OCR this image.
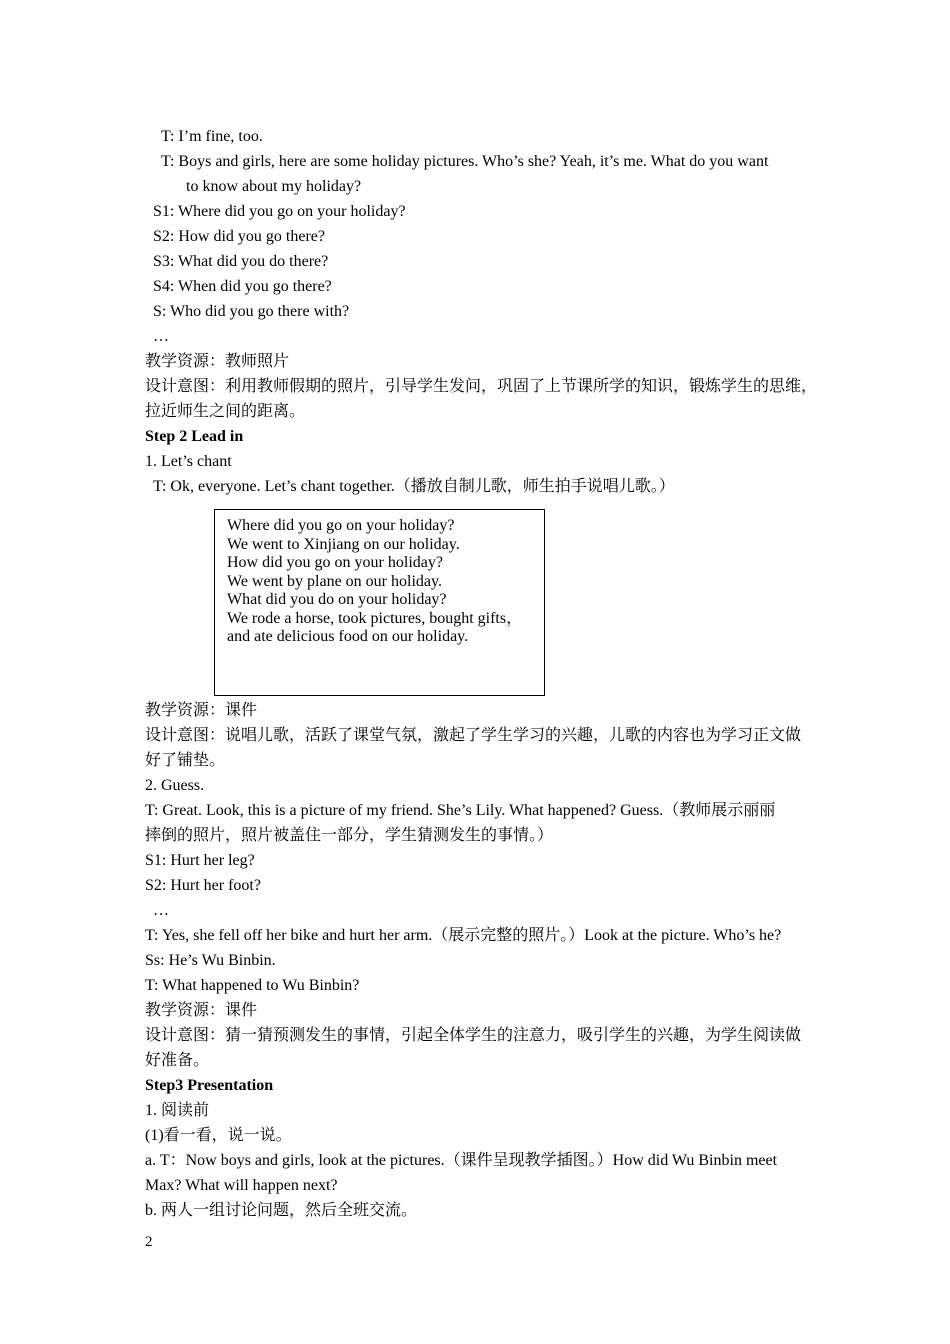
T: I’m fine, too.
T: Boys and girls, here are some holiday pictures. Who’s she? Yeah, it’s me. What do you want
to know about my holiday?
S1: Where did you go on your holiday?
S2: How did you go there?
S3: What did you do there?
S4: When did you go there?
S: Who did you go there with?
…
教学资源：教师照片
设计意图：利用教师假期的照片，引导学生发问，巩固了上节课所学的知识，锻炼学生的思维，
拉近师生之间的距离。
Step 2 Lead in
1. Let’s chant
T: Ok, everyone. Let’s chant together.（播放自制儿歌，师生拍手说唱儿歌。）
Where did you go on your holiday?
We went to Xinjiang on our holiday.
How did you go on your holiday?
We went by plane on our holiday.
What did you do on your holiday?
We rode a horse, took pictures, bought gifts，
and ate delicious food on our holiday.
教学资源：课件
设计意图：说唱儿歌，活跃了课堂气氛，激起了学生学习的兴趣，儿歌的内容也为学习正文做
好了铺垫。
2. Guess.
T: Great. Look, this is a picture of my friend. She’s Lily. What happened? Guess.（教师展示丽丽
摔倒的照片，照片被盖住一部分，学生猜测发生的事情。）
S1: Hurt her leg?
S2: Hurt her foot?
…
T: Yes, she fell off her bike and hurt her arm.（展示完整的照片。）Look at the picture. Who’s he?
Ss: He’s Wu Binbin.
T: What happened to Wu Binbin?
教学资源：课件
设计意图：猜一猜预测发生的事情，引起全体学生的注意力，吸引学生的兴趣，为学生阅读做
好准备。
Step3 Presentation
1. 阅读前
(1)看一看，说一说。
a. T：Now boys and girls, look at the pictures.（课件呈现教学插图。）How did Wu Binbin meet
Max? What will happen next?
b. 两人一组讨论问题，然后全班交流。
2
